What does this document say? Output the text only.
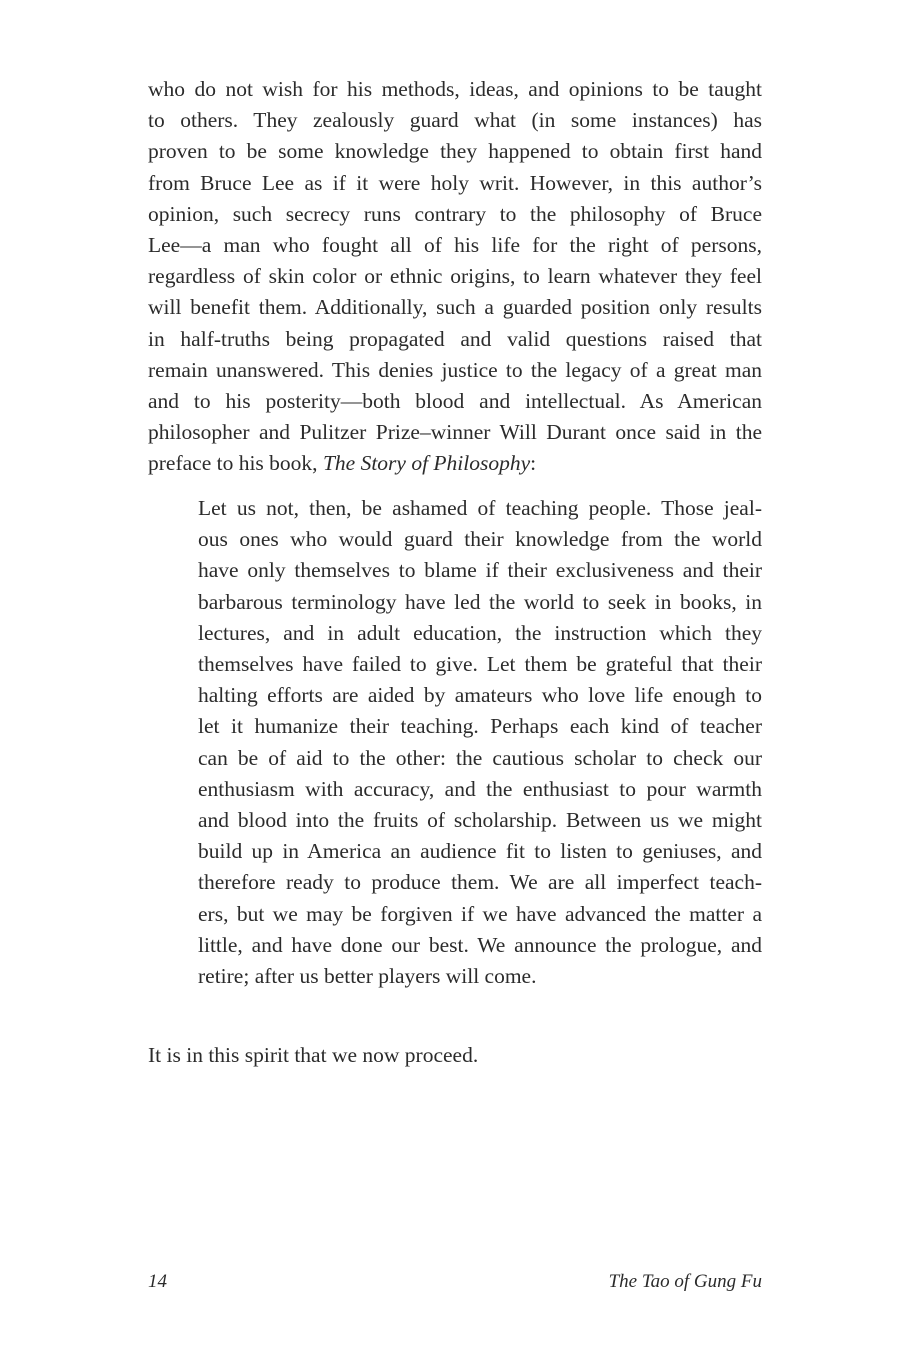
who do not wish for his methods, ideas, and opinions to be taught
to others. They zealously guard what (in some instances) has
proven to be some knowledge they happened to obtain first hand
from Bruce Lee as if it were holy writ. However, in this author’s
opinion, such secrecy runs contrary to the philosophy of Bruce
Lee—a man who fought all of his life for the right of persons,
regardless of skin color or ethnic origins, to learn whatever they feel
will benefit them. Additionally, such a guarded position only results
in half-truths being propagated and valid questions raised that
remain unanswered. This denies justice to the legacy of a great man
and to his posterity—both blood and intellectual. As American
philosopher and Pulitzer Prize–winner Will Durant once said in the
preface to his book, The Story of Philosophy:
Let us not, then, be ashamed of teaching people. Those jeal-
ous ones who would guard their knowledge from the world
have only themselves to blame if their exclusiveness and their
barbarous terminology have led the world to seek in books, in
lectures, and in adult education, the instruction which they
themselves have failed to give. Let them be grateful that their
halting efforts are aided by amateurs who love life enough to
let it humanize their teaching. Perhaps each kind of teacher
can be of aid to the other: the cautious scholar to check our
enthusiasm with accuracy, and the enthusiast to pour warmth
and blood into the fruits of scholarship. Between us we might
build up in America an audience fit to listen to geniuses, and
therefore ready to produce them. We are all imperfect teach-
ers, but we may be forgiven if we have advanced the matter a
little, and have done our best. We announce the prologue, and
retire; after us better players will come.

It is in this spirit that we now proceed.

14	The Tao of Gung Fu
